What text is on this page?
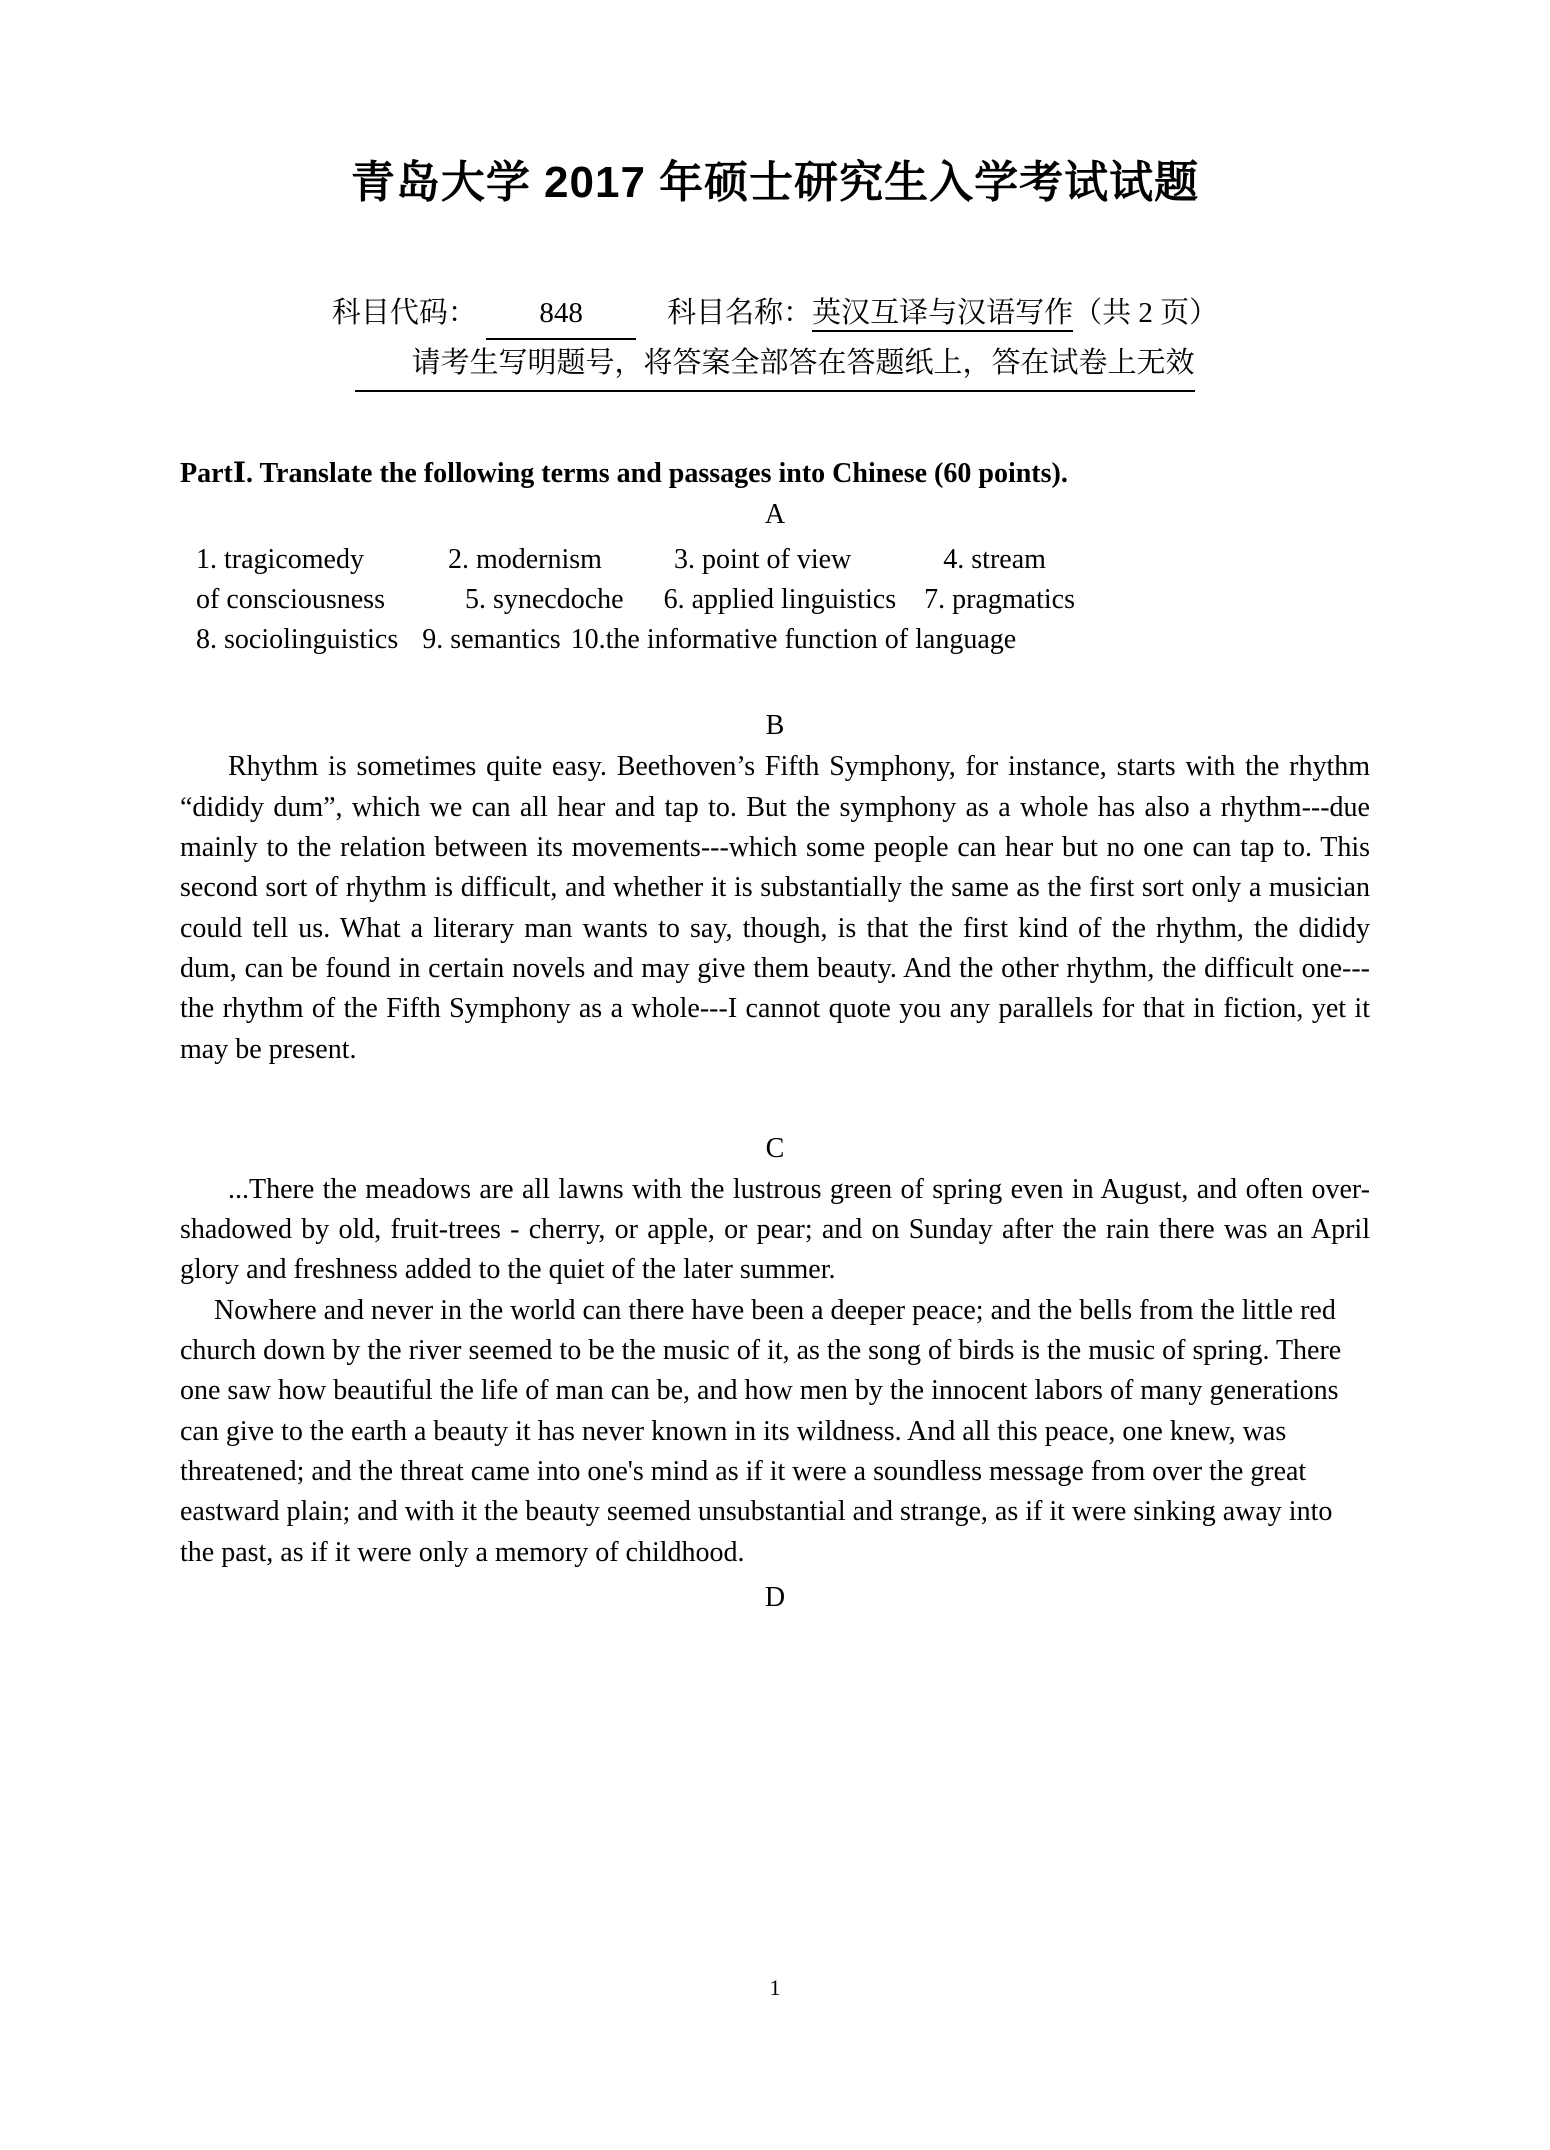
青岛大学 2017 年硕士研究生入学考试试题
科目代码： 848	科目名称：英汉互译与汉语写作（共 2 页）
请考生写明题号，将答案全部答在答题纸上，答在试卷上无效
PartⅠ. Translate the following terms and passages into Chinese (60 points).
A
1. tragicomedy	2. modernism	3. point of view	4. stream
of consciousness	5. synecdoche 6. applied linguistics 7. pragmatics
8. sociolinguistics 9. semantics 10.the informative function of language
B

Rhythm is sometimes quite easy. Beethoven’s Fifth Symphony, for instance, starts with the rhythm “dididy dum”, which we can all hear and tap to. But the symphony as a whole has also a rhythm---due mainly to the relation between its movements---which some people can hear but no one can tap to. This second sort of rhythm is difficult, and whether it is substantially the same as the first sort only a musician could tell us. What a literary man wants to say, though, is that the first kind of the rhythm, the dididy dum, can be found in certain novels and may give them beauty. And the other rhythm, the difficult one---the rhythm of the Fifth Symphony as a whole---I cannot quote you any parallels for that in fiction, yet it may be present.

C

...There the meadows are all lawns with the lustrous green of spring even in August, and often over-shadowed by old, fruit-trees - cherry, or apple, or pear; and on Sunday after the rain there was an April glory and freshness added to the quiet of the later summer.

Nowhere and never in the world can there have been a deeper peace; and the bells from the little red church down by the river seemed to be the music of it, as the song of birds is the music of spring. There one saw how beautiful the life of man can be, and how men by the innocent labors of many generations can give to the earth a beauty it has never known in its wildness. And all this peace, one knew, was threatened; and the threat came into one's mind as if it were a soundless message from over the great eastward plain; and with it the beauty seemed unsubstantial and strange, as if it were sinking away into the past, as if it were only a memory of childhood.

D
1
